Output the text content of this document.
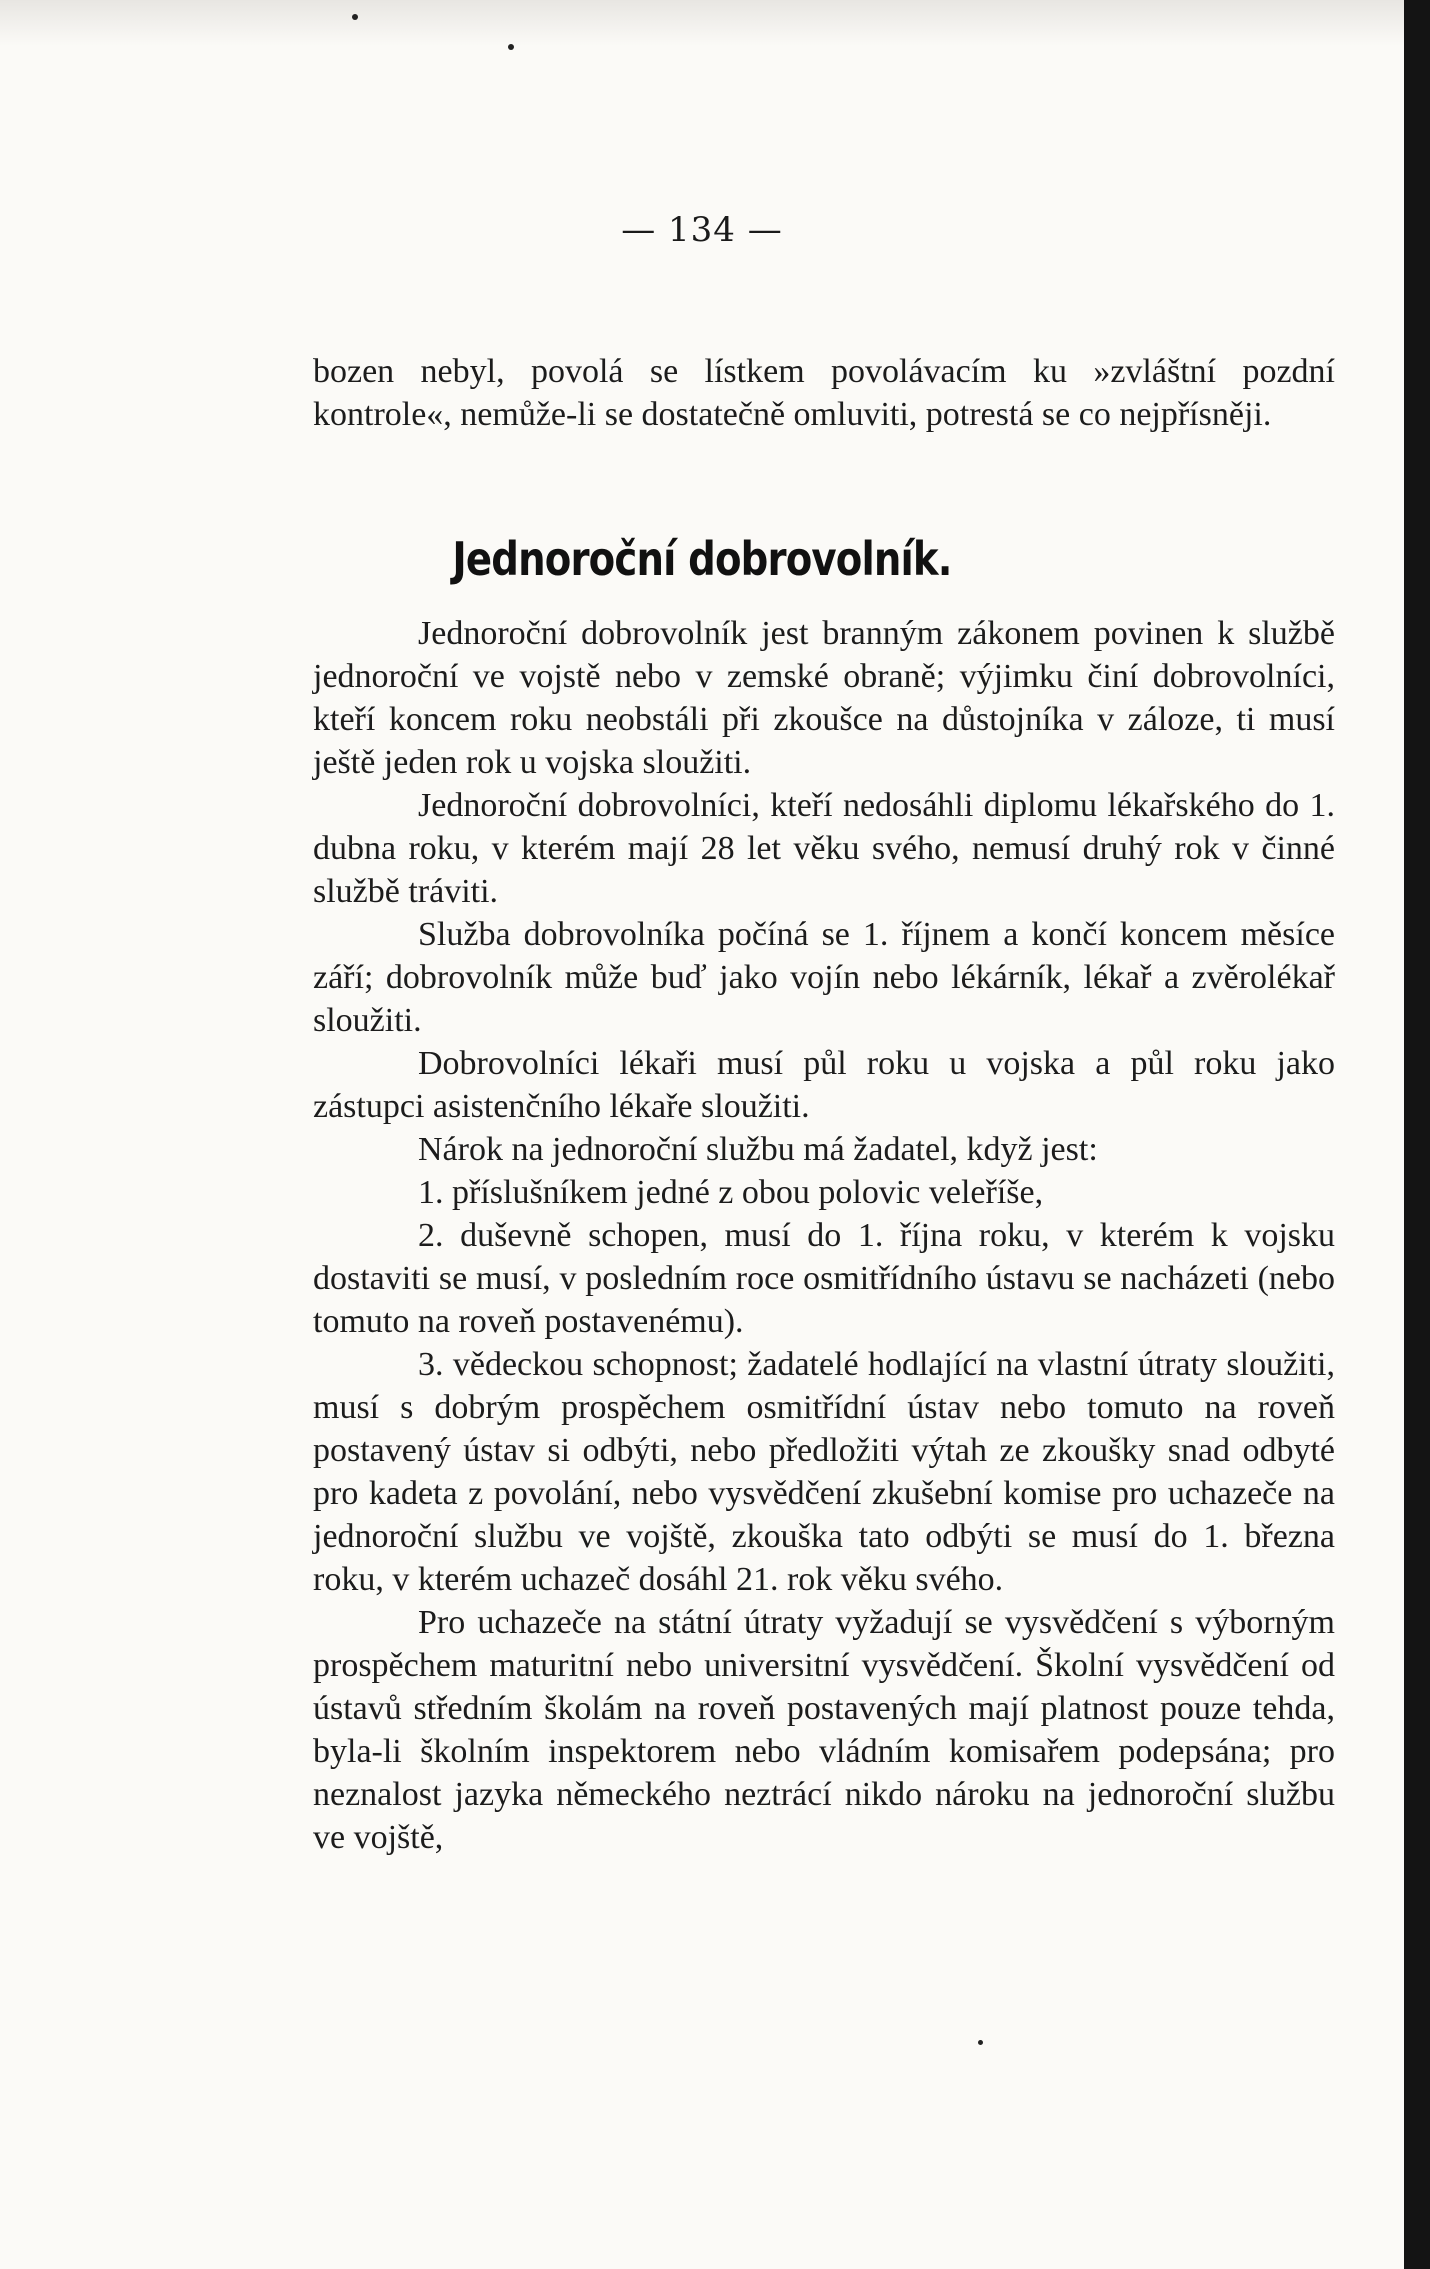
— 134 —

bozen nebyl, povolá se lístkem povolávacím ku »zvláštní pozdní kontrole«, nemůže-li se dostatečně omluviti, potrestá se co nejpřísněji.

Jednoroční dobrovolník.

Jednoroční dobrovolník jest branným zákonem povinen k službě jednoroční ve vojstě nebo v zemské obraně; výjimku činí dobrovolníci, kteří koncem roku neobstáli při zkoušce na důstojníka v záloze, ti musí ještě jeden rok u vojska sloužiti.

Jednoroční dobrovolníci, kteří nedosáhli diplomu lékařského do 1. dubna roku, v kterém mají 28 let věku svého, nemusí druhý rok v činné službě tráviti.

Služba dobrovolníka počíná se 1. říjnem a končí koncem měsíce září; dobrovolník může buď jako vojín nebo lékárník, lékař a zvěrolékař sloužiti.

Dobrovolníci lékaři musí půl roku u vojska a půl roku jako zástupci asistenčního lékaře sloužiti.

Nárok na jednoroční službu má žadatel, když jest:

1. příslušníkem jedné z obou polovic veleříše,

2. duševně schopen, musí do 1. října roku, v kterém k vojsku dostaviti se musí, v posledním roce osmitřídního ústavu se nacházeti (nebo tomuto na roveň postavenému).

3. vědeckou schopnost; žadatelé hodlající na vlastní útraty sloužiti, musí s dobrým prospěchem osmitřídní ústav nebo tomuto na roveň postavený ústav si odbýti, nebo předložiti výtah ze zkoušky snad odbyté pro kadeta z povolání, nebo vysvědčení zkušební komise pro uchazeče na jednoroční službu ve vojště, zkouška tato odbýti se musí do 1. března roku, v kterém uchazeč dosáhl 21. rok věku svého.

Pro uchazeče na státní útraty vyžadují se vysvědčení s výborným prospěchem maturitní nebo universitní vysvědčení. Školní vysvědčení od ústavů středním školám na roveň postavených mají platnost pouze tehda, byla-li školním inspektorem nebo vládním komisařem podepsána; pro neznalost jazyka německého neztrácí nikdo nároku na jednoroční službu ve vojště,
